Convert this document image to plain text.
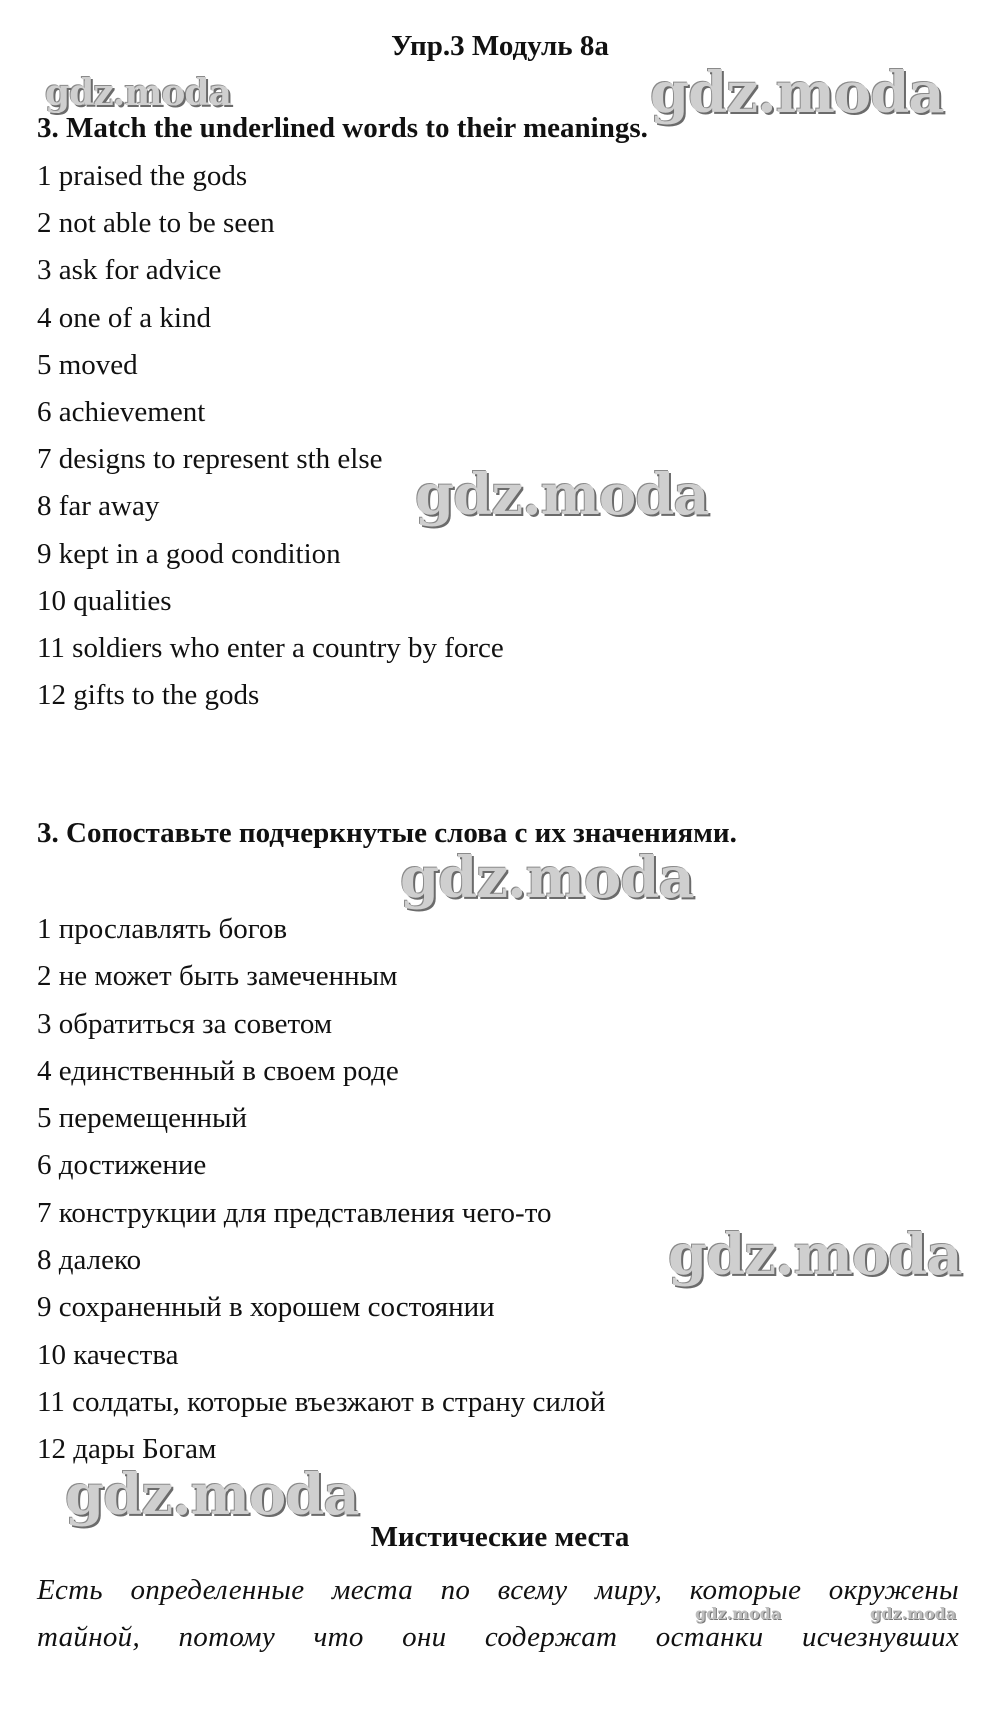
Упр.3 Модуль 8a
gdz.moda	gdz.moda
3. Match the underlined words to their meanings.
1 praised the gods
2 not able to be seen
3 ask for advice
4 one of a kind
5 moved
6 achievement
7 designs to represent sth else
8 far away
9 kept in a good condition
10 qualities
11 soldiers who enter a country by force
12 gifts to the gods
gdz.moda
3. Сопоставьте подчеркнутые слова с их значениями.
gdz.moda
1 прославлять богов
2 не может быть замеченным
3 обратиться за советом
4 единственный в своем роде
5 перемещенный
6 достижение
7 конструкции для представления чего-то
8 далеко
9 сохраненный в хорошем состоянии
10 качества
11 солдаты, которые въезжают в страну силой
12 дары Богам
gdz.moda
gdz.moda
Мистические места
Есть определенные места по всему миру, которые окружены
тайной, потому что они содержат останки исчезнувших
gdz.moda	gdz.moda
